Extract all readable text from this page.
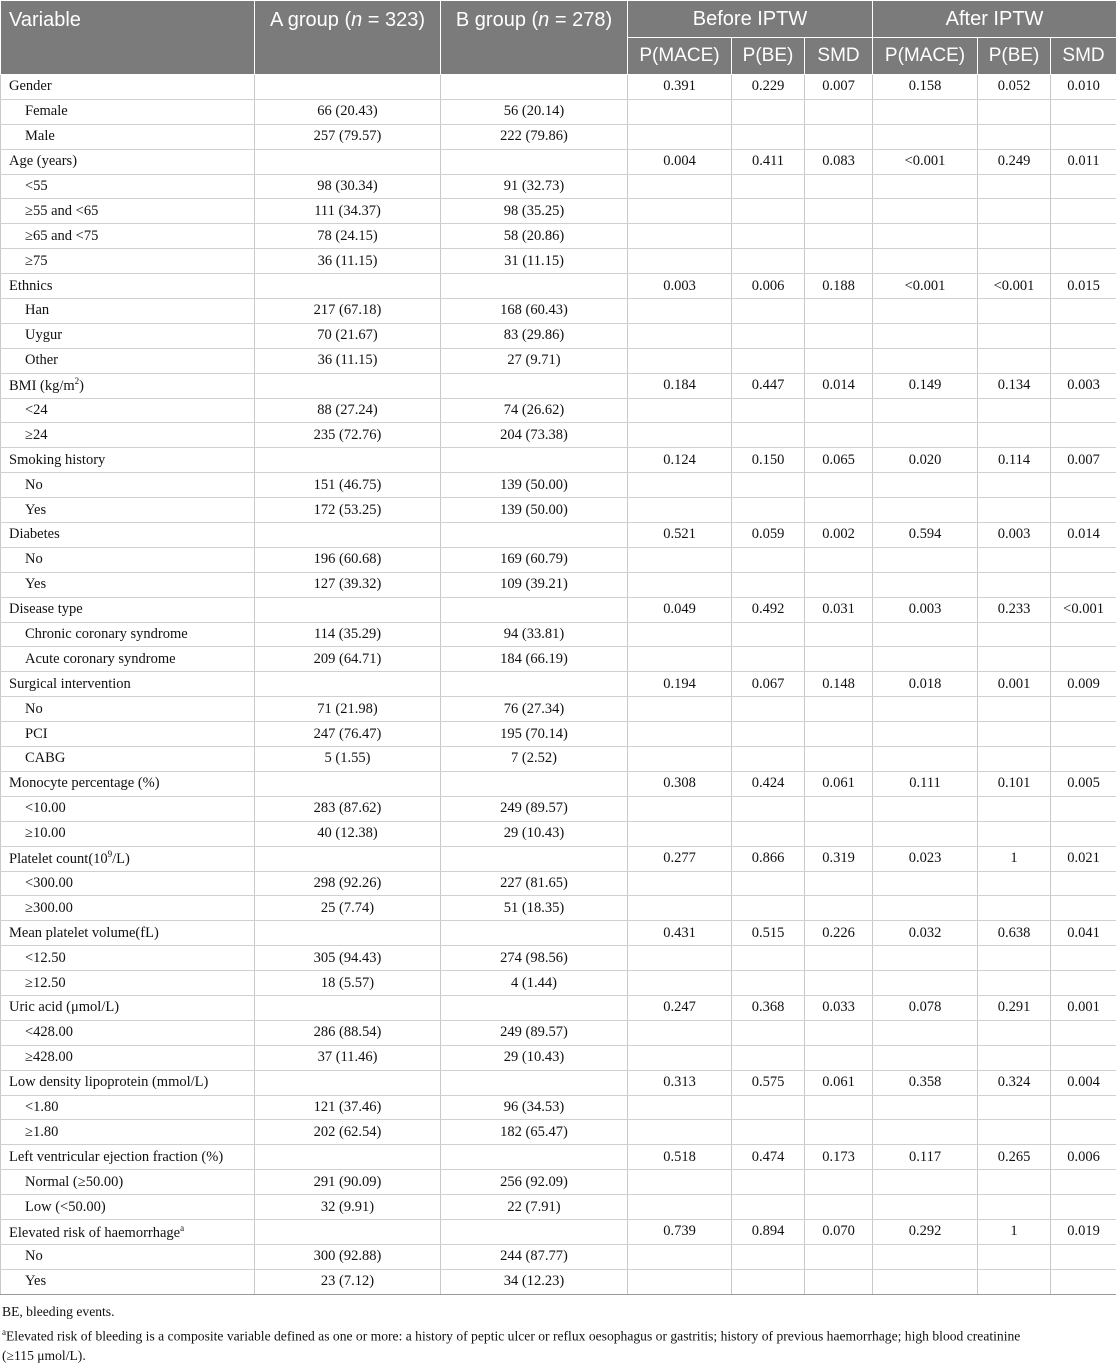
Variable	A group (n = 323)	B group (n = 278)	Before IPTW			After IPTW		
			P(MACE)	P(BE)	SMD	P(MACE)	P(BE)	SMD
Gender			0.391	0.229	0.007	0.158	0.052	0.010
Female	66 (20.43)	56 (20.14)						
Male	257 (79.57)	222 (79.86)						
Age (years)			0.004	0.411	0.083	<0.001	0.249	0.011
<55	98 (30.34)	91 (32.73)						
≥55 and <65	111 (34.37)	98 (35.25)						
≥65 and <75	78 (24.15)	58 (20.86)						
≥75	36 (11.15)	31 (11.15)						
Ethnics			0.003	0.006	0.188	<0.001	<0.001	0.015
Han	217 (67.18)	168 (60.43)						
Uygur	70 (21.67)	83 (29.86)						
Other	36 (11.15)	27 (9.71)						
BMI $(kg/m^2)$			0.184	0.447	0.014	0.149	0.134	0.003
<24	88 (27.24)	74 (26.62)						
≥24	235 (72.76)	204 (73.38)						
Smoking history			0.124	0.150	0.065	0.020	0.114	0.007
No	151 (46.75)	139 (50.00)						
Yes	172 (53.25)	139 (50.00)						
Diabetes			0.521	0.059	0.002	0.594	0.003	0.014
No	196 (60.68)	169 (60.79)						
Yes	127 (39.32)	109 (39.21)						
Disease type			0.049	0.492	0.031	0.003	0.233	<0.001
Chronic coronary syndrome	114 (35.29)	94 (33.81)						
Acute coronary syndrome	209 (64.71)	184 (66.19)						
Surgical intervention			0.194	0.067	0.148	0.018	0.001	0.009
No	71 (21.98)	76 (27.34)						
PCI	247 (76.47)	195 (70.14)						
CABG	5 (1.55)	7 (2.52)						
Monocyte percentage (%)			0.308	0.424	0.061	0.111	0.101	0.005
<10.00	283 (87.62)	249 (89.57)						
≥10.00	40 (12.38)	29 (10.43)						
Platelet $count(10^9/L)$			0.277	0.866	0.319	0.023	1	0.021
<300.00	298 (92.26)	227 (81.65)						
≥300.00	25 (7.74)	51 (18.35)						
Mean platelet volume(fL)			0.431	0.515	0.226	0.032	0.638	0.041
<12.50	305 (94.43)	274 (98.56)						
≥12.50	18 (5.57)	4 (1.44)						
Uric acid (μmol/L)			0.247	0.368	0.033	0.078	0.291	0.001
<428.00	286 (88.54)	249 (89.57)						
≥428.00	37 (11.46)	29 (10.43)						
Low density lipoprotein (mmol/L)			0.313	0.575	0.061	0.358	0.324	0.004
<1.80	121 (37.46)	96 (34.53)						
≥1.80	202 (62.54)	182 (65.47)						
Left ventricular ejection fraction (%)			0.518	0.474	0.173	0.117	0.265	0.006
Normal (≥50.00)	291 (90.09)	256 (92.09)						
Low (<50.00)	32 (9.91)	22 (7.91)						
Elevated risk of haemorrhage$^a$			0.739	0.894	0.070	0.292	1	0.019
No	300 (92.88)	244 (87.77)						
Yes	23 (7.12)	34 (12.23)						

BE, bleeding events.

$^a$Elevated risk of bleeding is a composite variable defined as one or more: a history of peptic ulcer or reflux oesophagus or gastritis; history of previous haemorrhage; high blood creatinine

(≥115 μmol/L).
